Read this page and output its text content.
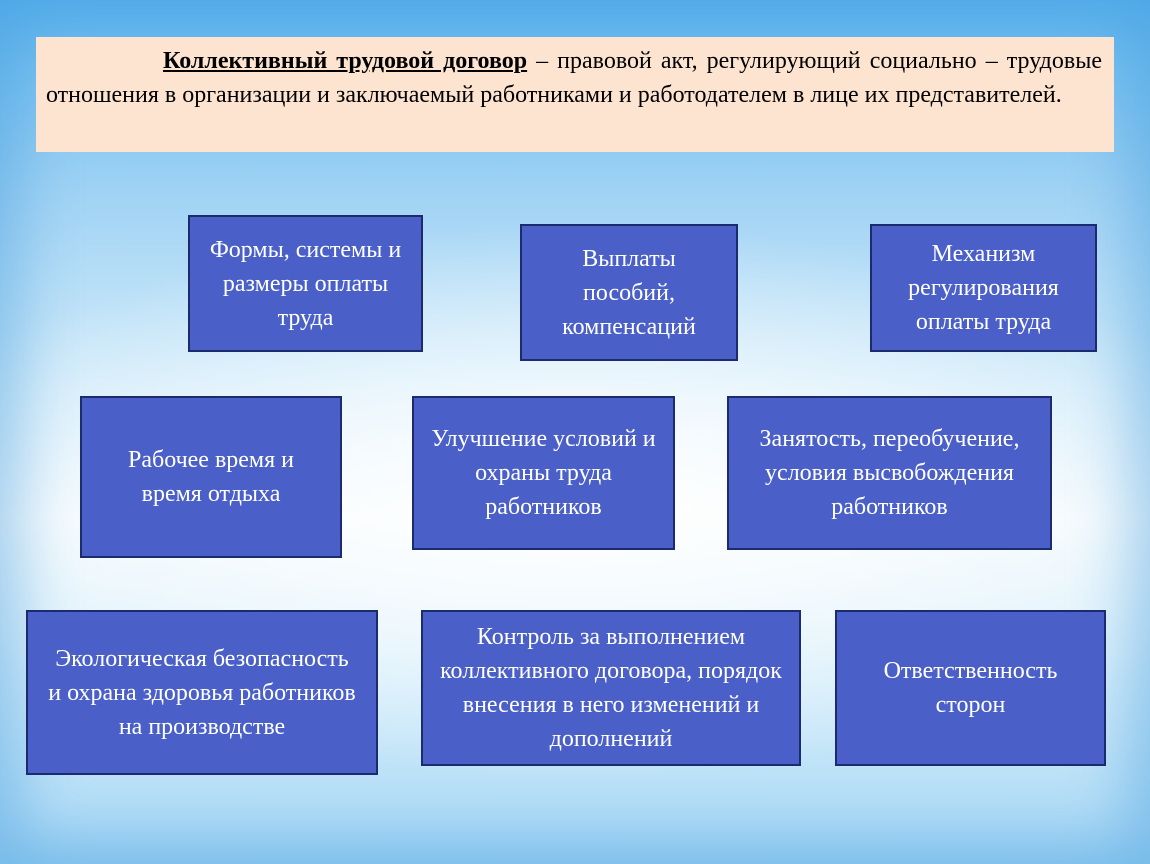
Коллективный трудовой договор – правовой акт, регулирующий социально – трудовые отношения в организации и заключаемый работниками и работодателем в лице их представителей.
Формы, системы и размеры оплаты труда
Выплаты пособий, компенсаций
Механизм регулирования оплаты труда
Рабочее время и время отдыха
Улучшение условий и охраны труда работников
Занятость, переобучение, условия высвобождения работников
Экологическая безопасность и охрана здоровья работников на производстве
Контроль за выполнением коллективного договора, порядок внесения в него изменений и дополнений
Ответственность сторон
